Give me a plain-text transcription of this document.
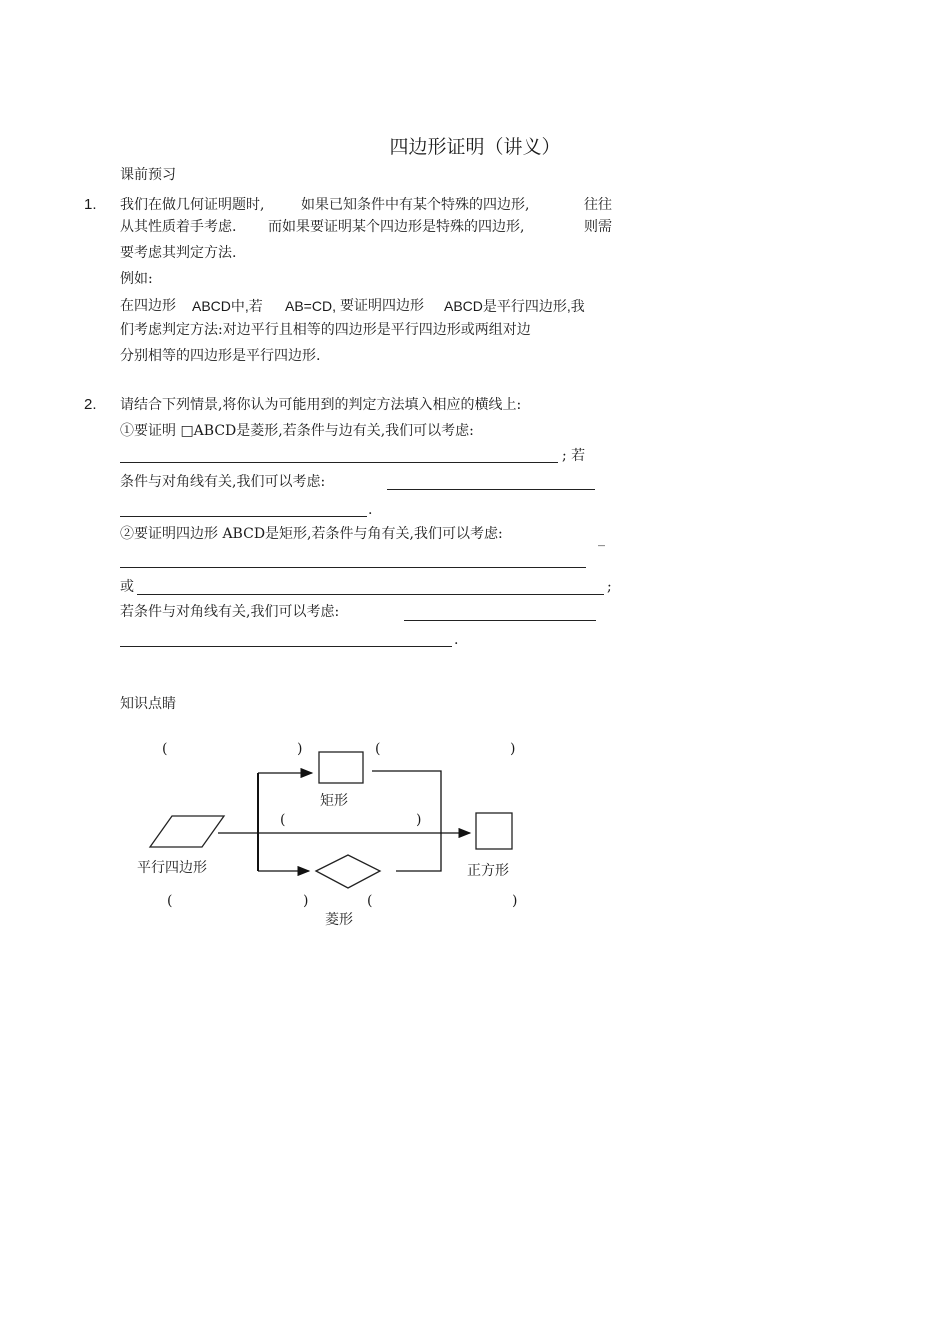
四边形证明（讲义）
课前预习
1. 我们在做几何证明题时,	如果已知条件中有某个特殊的四边形,	往往
从其性质着手考虑. 而如果要证明某个四边形是特殊的四边形,	则需
要考虑其判定方法.
例如:
在四边形 ABCD中,若 AB=CD, 要证明四边形 ABCD是平行四边形,我
们考虑判定方法:对边平行且相等的四边形是平行四边形或两组对边
分别相等的四边形是平行四边形.
2. 请结合下列情景,将你认为可能用到的判定方法填入相应的横线上:
①要证明 □ABCD是菱形,若条件与边有关,我们可以考虑:
; 若
条件与对角线有关,我们可以考虑:
.
②要证明四边形 ABCD是矩形,若条件与角有关,我们可以考虑:	_
或	;
若条件与对角线有关,我们可以考虑:
.
知识点睛
平行四边形
矩形
菱形
正方形
(	)	(	)
(	)
(	)	(	)
